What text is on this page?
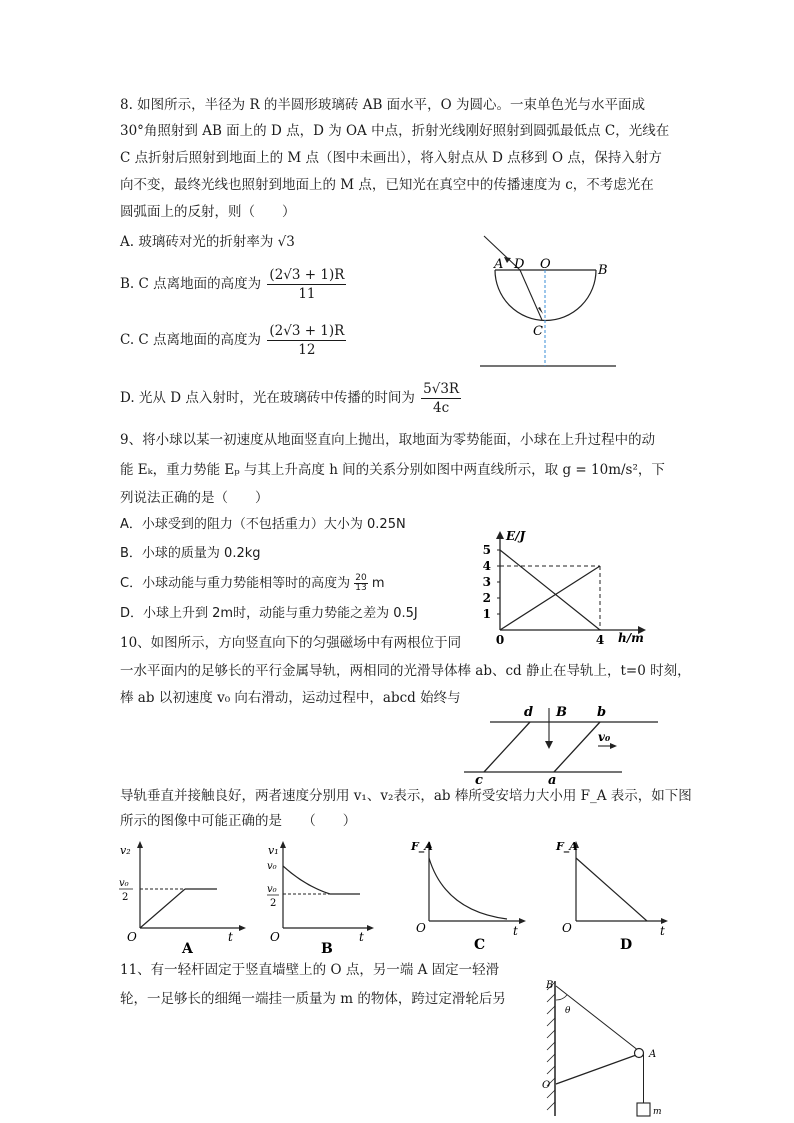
8. 如图所示，半径为 R 的半圆形玻璃砖 AB 面水平，O 为圆心。一束单色光与水平面成
30°角照射到 AB 面上的 D 点，D 为 OA 中点，折射光线刚好照射到圆弧最低点 C，光线在
C 点折射后照射到地面上的 M 点（图中未画出），将入射点从 D 点移到 O 点，保持入射方
向不变，最终光线也照射到地面上的 M 点，已知光在真空中的传播速度为 c，不考虑光在
圆弧面上的反射，则（　　）
A. 玻璃砖对光的折射率为 √3
B. C 点离地面的高度为 $\frac{(2√3 + 1)R}{11}$
C. C 点离地面的高度为 $\frac{(2√3 + 1)R}{12}$
D. 光从 D 点入射时，光在玻璃砖中传播的时间为 $\frac{5√3R}{4c}$
A D O	B
C
9、将小球以某一初速度从地面竖直向上抛出，取地面为零势能面，小球在上升过程中的动
能 Eₖ，重力势能 Eₚ 与其上升高度 h 间的关系分别如图中两直线所示，取 g = 10m/s²，下
列说法正确的是（　　）
A．小球受到的阻力（不包括重力）大小为 0.25N
B．小球的质量为 0.2kg
C．小球动能与重力势能相等时的高度为 $\frac{20}{13}$ m
D．小球上升到 2m时，动能与重力势能之差为 0.5J
E/J
h/m
5
4
3
2
1
0	4
10、如图所示，方向竖直向下的匀强磁场中有两根位于同
一水平面内的足够长的平行金属导轨，两相同的光滑导体棒 ab、cd 静止在导轨上，t=0 时刻，
棒 ab 以初速度 v₀ 向右滑动，运动过程中，abcd 始终与
d B b
v₀
c	a
导轨垂直并接触良好，两者速度分别用 v₁、v₂表示，ab 棒所受安培力大小用 F_A 表示，如下图
所示的图像中可能正确的是　　（　　）
v₂
v₀
2
O	t
A
v₁
v₀
v₀
2
O	t
B
F_A
O	t
C
F_A
O	t
D
11、有一轻杆固定于竖直墙壁上的 O 点，另一端 A 固定一轻滑
轮，一足够长的细绳一端挂一质量为 m 的物体，跨过定滑轮后另
B
θ
A
O
m
